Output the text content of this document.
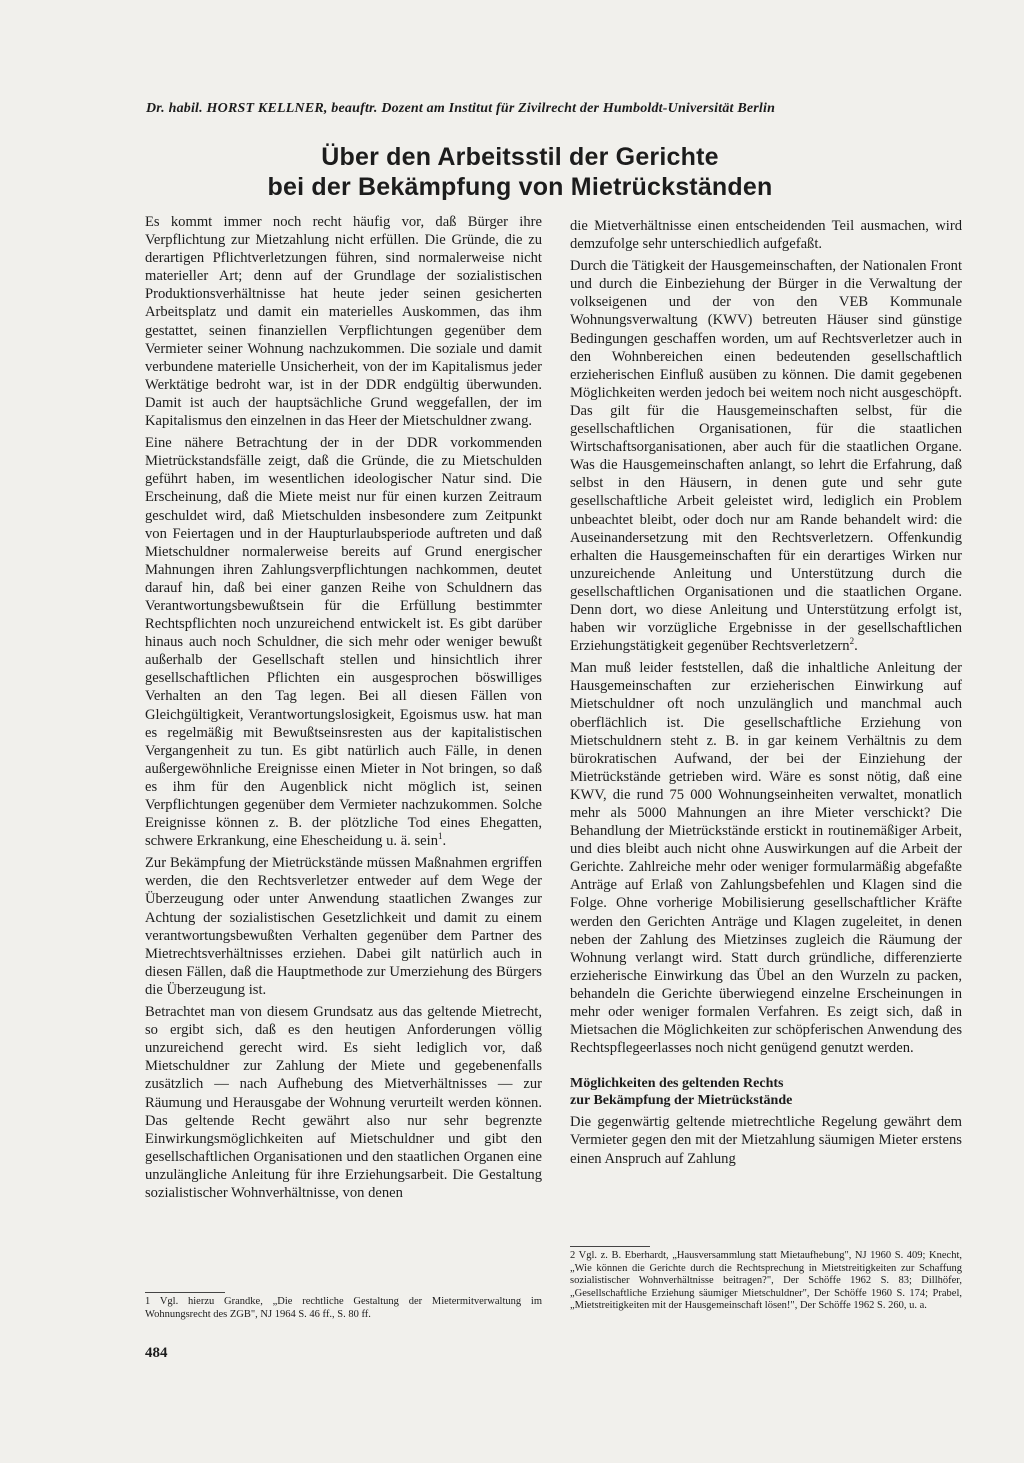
Dr. habil. HORST KELLNER, beauftr. Dozent am Institut für Zivilrecht der Humboldt-Universität Berlin
Über den Arbeitsstil der Gerichte
bei der Bekämpfung von Mietrückständen

Es kommt immer noch recht häufig vor, daß Bürger ihre Verpflichtung zur Mietzahlung nicht erfüllen. Die Gründe, die zu derartigen Pflichtverletzungen führen, sind normalerweise nicht materieller Art; denn auf der Grundlage der sozialistischen Produktionsverhältnisse hat heute jeder seinen gesicherten Arbeitsplatz und damit ein materielles Auskommen, das ihm gestattet, seinen finanziellen Verpflichtungen gegenüber dem Vermieter seiner Wohnung nachzukommen. Die soziale und damit verbundene materielle Unsicherheit, von der im Kapitalismus jeder Werktätige bedroht war, ist in der DDR endgültig überwunden. Damit ist auch der hauptsächliche Grund weggefallen, der im Kapitalismus den einzelnen in das Heer der Mietschuldner zwang.

Eine nähere Betrachtung der in der DDR vorkommenden Mietrückstandsfälle zeigt, daß die Gründe, die zu Mietschulden geführt haben, im wesentlichen ideologischer Natur sind. Die Erscheinung, daß die Miete meist nur für einen kurzen Zeitraum geschuldet wird, daß Mietschulden insbesondere zum Zeitpunkt von Feiertagen und in der Haupturlaubsperiode auftreten und daß Mietschuldner normalerweise bereits auf Grund energischer Mahnungen ihren Zahlungsverpflichtungen nachkommen, deutet darauf hin, daß bei einer ganzen Reihe von Schuldnern das Verantwortungsbewußtsein für die Erfüllung bestimmter Rechtspflichten noch unzureichend entwickelt ist. Es gibt darüber hinaus auch noch Schuldner, die sich mehr oder weniger bewußt außerhalb der Gesellschaft stellen und hinsichtlich ihrer gesellschaftlichen Pflichten ein ausgesprochen böswilliges Verhalten an den Tag legen. Bei all diesen Fällen von Gleichgültigkeit, Verantwortungslosigkeit, Egoismus usw. hat man es regelmäßig mit Bewußtseinsresten aus der kapitalistischen Vergangenheit zu tun. Es gibt natürlich auch Fälle, in denen außergewöhnliche Ereignisse einen Mieter in Not bringen, so daß es ihm für den Augenblick nicht möglich ist, seinen Verpflichtungen gegenüber dem Vermieter nachzukommen. Solche Ereignisse können z. B. der plötzliche Tod eines Ehegatten, schwere Erkrankung, eine Ehescheidung u. ä. sein$^1$.

Zur Bekämpfung der Mietrückstände müssen Maßnahmen ergriffen werden, die den Rechtsverletzer entweder auf dem Wege der Überzeugung oder unter Anwendung staatlichen Zwanges zur Achtung der sozialistischen Gesetzlichkeit und damit zu einem verantwortungsbewußten Verhalten gegenüber dem Partner des Mietrechtsverhältnisses erziehen. Dabei gilt natürlich auch in diesen Fällen, daß die Hauptmethode zur Umerziehung des Bürgers die Überzeugung ist.

Betrachtet man von diesem Grundsatz aus das geltende Mietrecht, so ergibt sich, daß es den heutigen Anforderungen völlig unzureichend gerecht wird. Es sieht lediglich vor, daß Mietschuldner zur Zahlung der Miete und gegebenenfalls zusätzlich — nach Aufhebung des Mietverhältnisses — zur Räumung und Herausgabe der Wohnung verurteilt werden können. Das geltende Recht gewährt also nur sehr begrenzte Einwirkungsmöglichkeiten auf Mietschuldner und gibt den gesellschaftlichen Organisationen und den staatlichen Organen eine unzulängliche Anleitung für ihre Erziehungsarbeit. Die Gestaltung sozialistischer Wohnverhältnisse, von denen

1 Vgl. hierzu Grandke, „Die rechtliche Gestaltung der Mietermitverwaltung im Wohnungsrecht des ZGB", NJ 1964 S. 46 ff., S. 80 ff.
484

die Mietverhältnisse einen entscheidenden Teil ausmachen, wird demzufolge sehr unterschiedlich aufgefaßt.

Durch die Tätigkeit der Hausgemeinschaften, der Nationalen Front und durch die Einbeziehung der Bürger in die Verwaltung der volkseigenen und der von den VEB Kommunale Wohnungsverwaltung (KWV) betreuten Häuser sind günstige Bedingungen geschaffen worden, um auf Rechtsverletzer auch in den Wohnbereichen einen bedeutenden gesellschaftlich erzieherischen Einfluß ausüben zu können. Die damit gegebenen Möglichkeiten werden jedoch bei weitem noch nicht ausgeschöpft. Das gilt für die Hausgemeinschaften selbst, für die gesellschaftlichen Organisationen, für die staatlichen Wirtschaftsorganisationen, aber auch für die staatlichen Organe. Was die Hausgemeinschaften anlangt, so lehrt die Erfahrung, daß selbst in den Häusern, in denen gute und sehr gute gesellschaftliche Arbeit geleistet wird, lediglich ein Problem unbeachtet bleibt, oder doch nur am Rande behandelt wird: die Auseinandersetzung mit den Rechtsverletzern. Offenkundig erhalten die Hausgemeinschaften für ein derartiges Wirken nur unzureichende Anleitung und Unterstützung durch die gesellschaftlichen Organisationen und die staatlichen Organe. Denn dort, wo diese Anleitung und Unterstützung erfolgt ist, haben wir vorzügliche Ergebnisse in der gesellschaftlichen Erziehungstätigkeit gegenüber Rechtsverletzern$^2$.

Man muß leider feststellen, daß die inhaltliche Anleitung der Hausgemeinschaften zur erzieherischen Einwirkung auf Mietschuldner oft noch unzulänglich und manchmal auch oberflächlich ist. Die gesellschaftliche Erziehung von Mietschuldnern steht z. B. in gar keinem Verhältnis zu dem bürokratischen Aufwand, der bei der Einziehung der Mietrückstände getrieben wird. Wäre es sonst nötig, daß eine KWV, die rund 75 000 Wohnungseinheiten verwaltet, monatlich mehr als 5000 Mahnungen an ihre Mieter verschickt? Die Behandlung der Mietrückstände erstickt in routinemäßiger Arbeit, und dies bleibt auch nicht ohne Auswirkungen auf die Arbeit der Gerichte. Zahlreiche mehr oder weniger formularmäßig abgefaßte Anträge auf Erlaß von Zahlungsbefehlen und Klagen sind die Folge. Ohne vorherige Mobilisierung gesellschaftlicher Kräfte werden den Gerichten Anträge und Klagen zugeleitet, in denen neben der Zahlung des Mietzinses zugleich die Räumung der Wohnung verlangt wird. Statt durch gründliche, differenzierte erzieherische Einwirkung das Übel an den Wurzeln zu packen, behandeln die Gerichte überwiegend einzelne Erscheinungen in mehr oder weniger formalen Verfahren. Es zeigt sich, daß in Mietsachen die Möglichkeiten zur schöpferischen Anwendung des Rechtspflegeerlasses noch nicht genügend genutzt werden.

Möglichkeiten des geltenden Rechts
zur Bekämpfung der Mietrückstände

Die gegenwärtig geltende mietrechtliche Regelung gewährt dem Vermieter gegen den mit der Mietzahlung säumigen Mieter erstens einen Anspruch auf Zahlung

2 Vgl. z. B. Eberhardt, „Hausversammlung statt Mietaufhebung", NJ 1960 S. 409; Knecht, „Wie können die Gerichte durch die Rechtsprechung in Mietstreitigkeiten zur Schaffung sozialistischer Wohnverhältnisse beitragen?", Der Schöffe 1962 S. 83; Dillhöfer, „Gesellschaftliche Erziehung säumiger Mietschuldner", Der Schöffe 1960 S. 174; Prabel, „Mietstreitigkeiten mit der Hausgemeinschaft lösen!", Der Schöffe 1962 S. 260, u. a.
